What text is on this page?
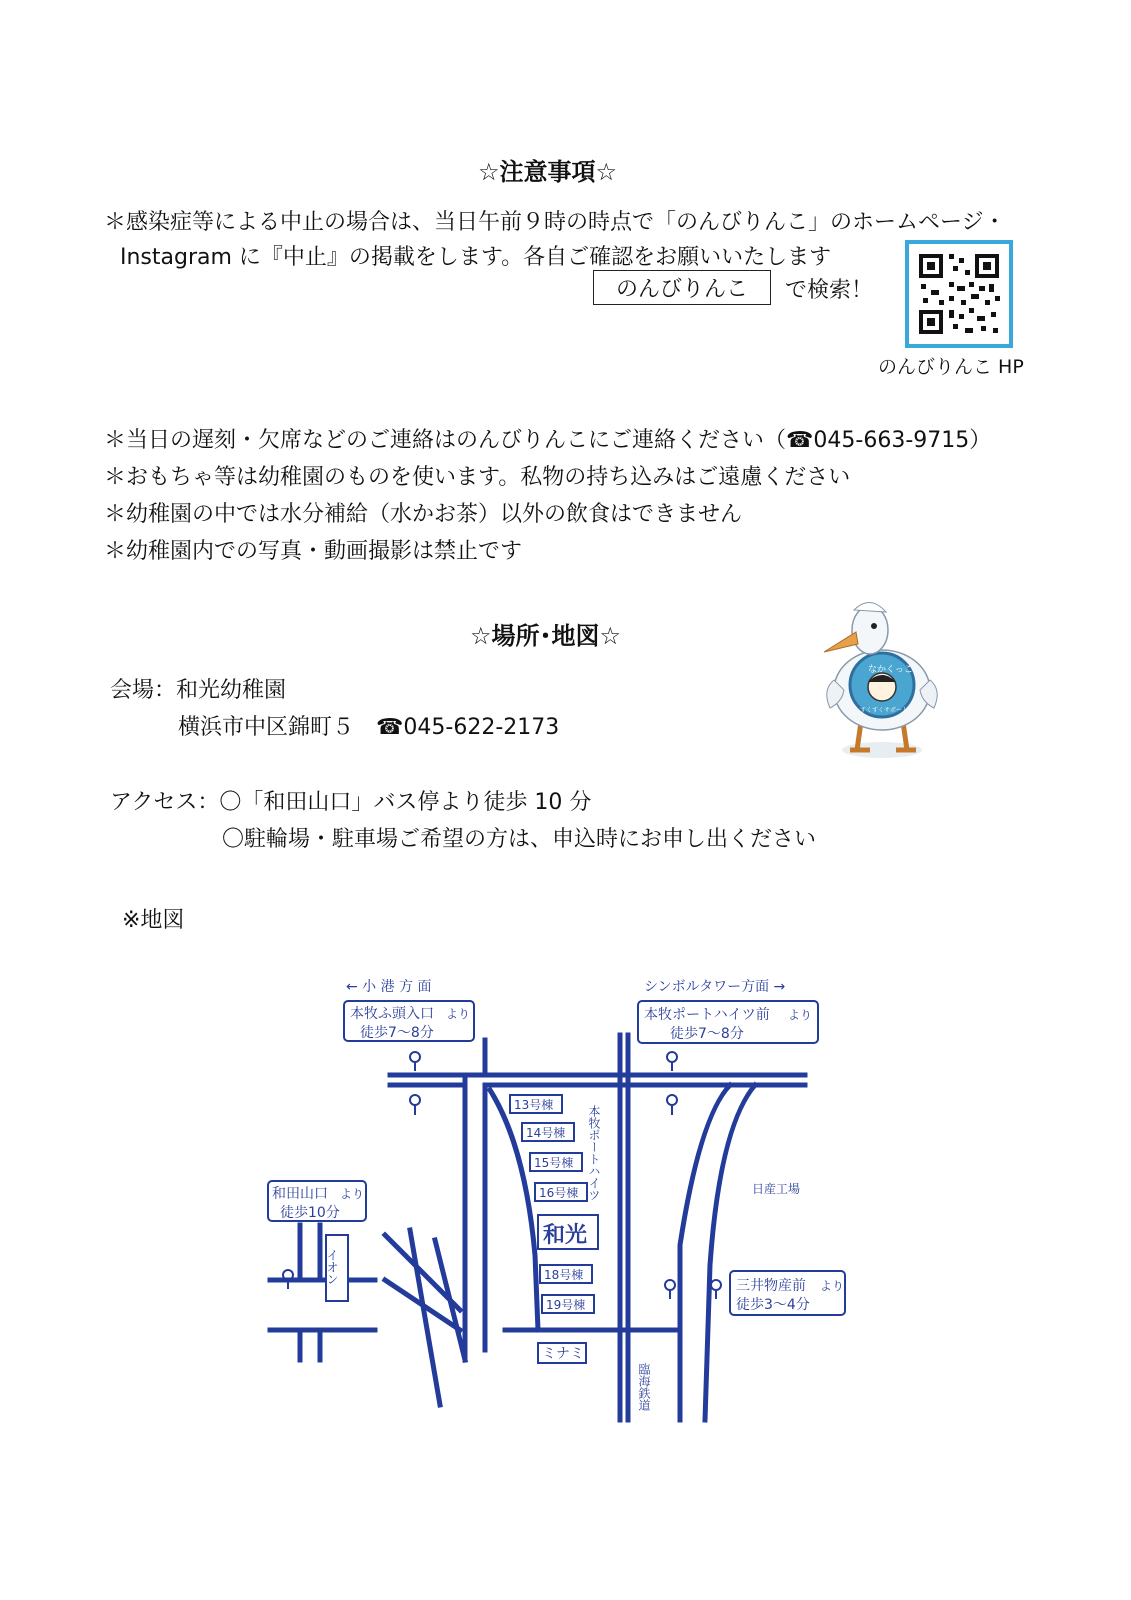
☆注意事項☆
＊感染症等による中止の場合は、当日午前９時の時点で「のんびりんこ」のホームページ・
Instagram に『中止』の掲載をします。各自ご確認をお願いいたします
のんびりんこ	で検索！
のんびりんこ HP
＊当日の遅刻・欠席などのご連絡はのんびりんこにご連絡ください（☎045-663-9715）
＊おもちゃ等は幼稚園のものを使います。私物の持ち込みはご遠慮ください
＊幼稚園の中では水分補給（水かお茶）以外の飲食はできません
＊幼稚園内での写真・動画撮影は禁止です
☆場所･地図☆
会場：和光幼稚園
横浜市中区錦町５　☎045-622-2173
アクセス：〇「和田山口」バス停より徒歩 10 分
〇駐輪場・駐車場ご希望の方は、申込時にお申し出ください
※地図
なかくっこ
すくすくサポート
← 小 港 方 面	シンボルタワー方面 →
本牧ふ頭入口 より
徒歩7〜8分
本牧ポートハイツ前 より
徒歩7〜8分
和田山口 より
徒歩10分
三井物産前 より
徒歩3〜4分
13号棟
14号棟
15号棟
16号棟
和光
18号棟
19号棟
ミナミ
イオン
本牧ポートハイツ
臨海鉄道
日産工場
